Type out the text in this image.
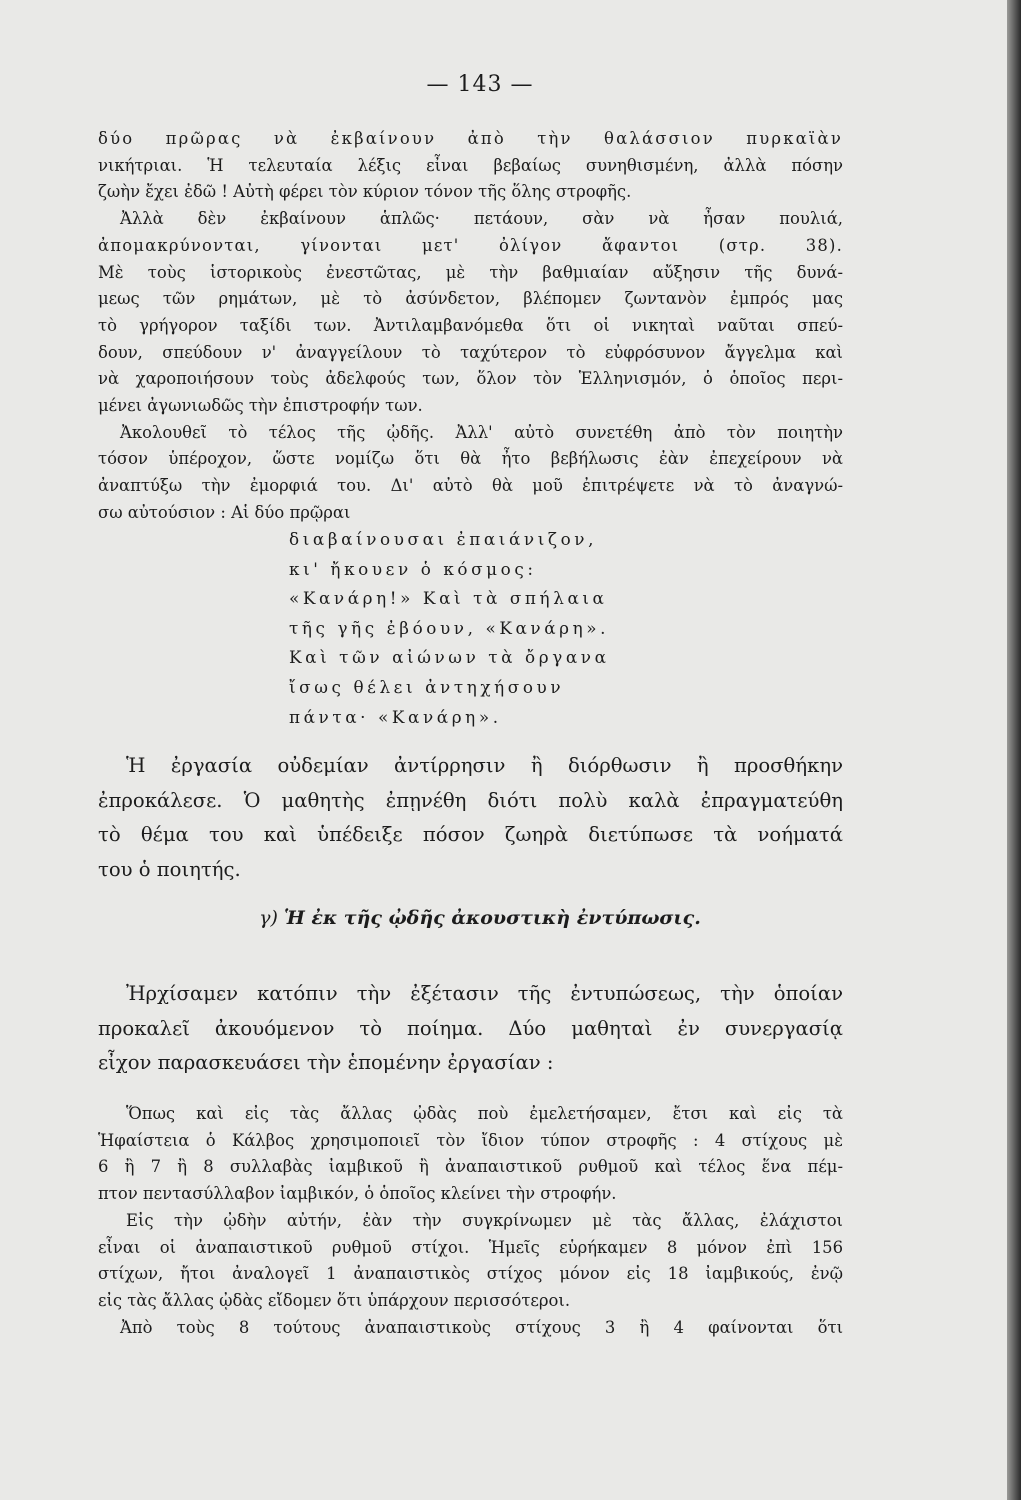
— 143 —
δύο πρῶρας νὰ ἐκβαίνουν ἀπὸ τὴν θαλάσσιον πυρκαϊὰν
νικήτριαι. Ἡ τελευταία λέξις εἶναι βεβαίως συνηθισμένη, ἀλλὰ πόσην
ζωὴν ἔχει ἐδῶ ! Αὐτὴ φέρει τὸν κύριον τόνον τῆς ὅλης στροφῆς.
Ἀλλὰ δὲν ἐκβαίνουν ἁπλῶς· πετάουν, σὰν νὰ ἦσαν πουλιά,
ἀπομακρύνονται, γίνονται μετ' ὀλίγον ἄφαντοι (στρ. 38).
Μὲ τοὺς ἱστορικοὺς ἐνεστῶτας, μὲ τὴν βαθμιαίαν αὔξησιν τῆς δυνά-
μεως τῶν ρημάτων, μὲ τὸ ἀσύνδετον, βλέπομεν ζωντανὸν ἐμπρός μας
τὸ γρήγορον ταξίδι των. Ἀντιλαμβανόμεθα ὅτι οἱ νικηταὶ ναῦται σπεύ-
δουν, σπεύδουν ν' ἀναγγείλουν τὸ ταχύτερον τὸ εὐφρόσυνον ἄγγελμα καὶ
νὰ χαροποιήσουν τοὺς ἀδελφούς των, ὅλον τὸν Ἑλληνισμόν, ὁ ὁποῖος περι-
μένει ἀγωνιωδῶς τὴν ἐπιστροφήν των.
Ἀκολουθεῖ τὸ τέλος τῆς ᾠδῆς. Ἀλλ' αὐτὸ συνετέθη ἀπὸ τὸν ποιητὴν
τόσον ὑπέροχον, ὥστε νομίζω ὅτι θὰ ἦτο βεβήλωσις ἐὰν ἐπεχείρουν νὰ
ἀναπτύξω τὴν ἐμορφιά του. Δι' αὐτὸ θὰ μοῦ ἐπιτρέψετε νὰ τὸ ἀναγνώ-
σω αὐτούσιον : Αἱ δύο πρῷραι
διαβαίνουσαι ἐπαιάνιζον,
κι' ἤκουεν ὁ κόσμος:
«Κανάρη!» Καὶ τὰ σπήλαια
τῆς γῆς ἐβόουν, «Κανάρη».
Καὶ τῶν αἰώνων τὰ ὄργανα
ἴσως θέλει ἀντηχήσουν
πάντα· «Κανάρη».
Ἡ ἐργασία οὐδεμίαν ἀντίρρησιν ἢ διόρθωσιν ἢ προσθήκην
ἐπροκάλεσε. Ὁ μαθητὴς ἐπῃνέθη διότι πολὺ καλὰ ἐπραγματεύθη
τὸ θέμα του καὶ ὑπέδειξε πόσον ζωηρὰ διετύπωσε τὰ νοήματά
του ὁ ποιητής.
γ) Ἡ ἐκ τῆς ᾠδῆς ἀκουστικὴ ἐντύπωσις.
Ἠρχίσαμεν κατόπιν τὴν ἐξέτασιν τῆς ἐντυπώσεως, τὴν ὁποίαν
προκαλεῖ ἀκουόμενον τὸ ποίημα. Δύο μαθηταὶ ἐν συνεργασίᾳ
εἶχον παρασκευάσει τὴν ἑπομένην ἐργασίαν :
Ὅπως καὶ εἰς τὰς ἄλλας ᾠδὰς ποὺ ἐμελετήσαμεν, ἔτσι καὶ εἰς τὰ
Ἡφαίστεια ὁ Κάλβος χρησιμοποιεῖ τὸν ἴδιον τύπον στροφῆς : 4 στίχους μὲ
6 ἢ 7 ἢ 8 συλλαβὰς ἰαμβικοῦ ἢ ἀναπαιστικοῦ ρυθμοῦ καὶ τέλος ἕνα πέμ-
πτον πεντασύλλαβον ἰαμβικόν, ὁ ὁποῖος κλείνει τὴν στροφήν.
Εἰς τὴν ᾠδὴν αὐτήν, ἐὰν τὴν συγκρίνωμεν μὲ τὰς ἄλλας, ἐλάχιστοι
εἶναι οἱ ἀναπαιστικοῦ ρυθμοῦ στίχοι. Ἡμεῖς εὑρήκαμεν 8 μόνον ἐπὶ 156
στίχων, ἤτοι ἀναλογεῖ 1 ἀναπαιστικὸς στίχος μόνον εἰς 18 ἰαμβικούς, ἐνῷ
εἰς τὰς ἄλλας ᾠδὰς εἴδομεν ὅτι ὑπάρχουν περισσότεροι.
Ἀπὸ τοὺς 8 τούτους ἀναπαιστικοὺς στίχους 3 ἢ 4 φαίνονται ὅτι
